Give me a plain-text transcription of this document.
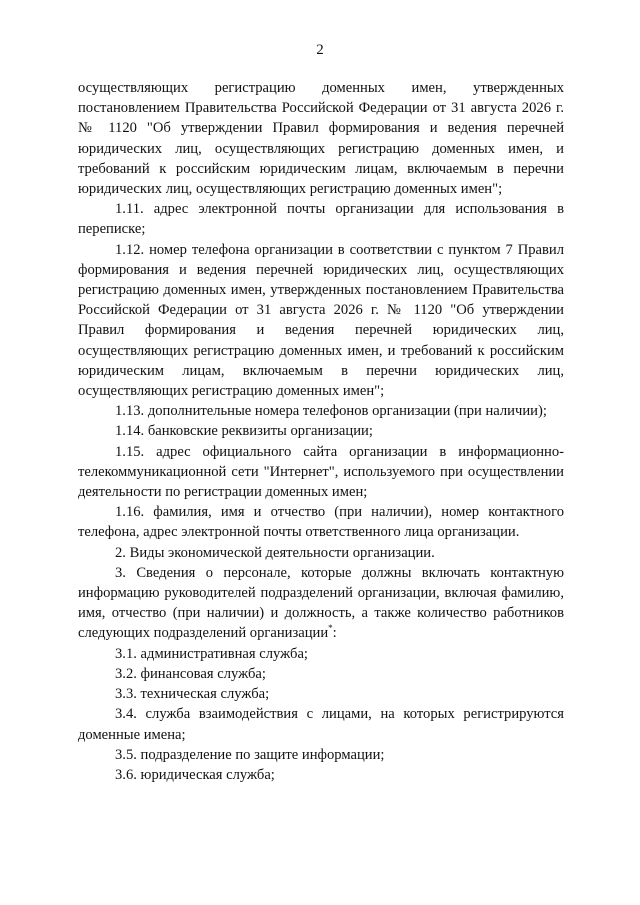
2

осуществляющих регистрацию доменных имен, утвержденных постановлением Правительства Российской Федерации от 31 августа 2026 г. № 1120 "Об утверждении Правил формирования и ведения перечней юридических лиц, осуществляющих регистрацию доменных имен, и требований к российским юридическим лицам, включаемым в перечни юридических лиц, осуществляющих регистрацию доменных имен";

1.11. адрес электронной почты организации для использования в переписке;

1.12. номер телефона организации в соответствии с пунктом 7 Правил формирования и ведения перечней юридических лиц, осуществляющих регистрацию доменных имен, утвержденных постановлением Правительства Российской Федерации от 31 августа 2026 г. № 1120 "Об утверждении Правил формирования и ведения перечней юридических лиц, осуществляющих регистрацию доменных имен, и требований к российским юридическим лицам, включаемым в перечни юридических лиц, осуществляющих регистрацию доменных имен";

1.13. дополнительные номера телефонов организации (при наличии);

1.14. банковские реквизиты организации;

1.15. адрес официального сайта организации в информационно-телекоммуникационной сети "Интернет", используемого при осуществлении деятельности по регистрации доменных имен;

1.16. фамилия, имя и отчество (при наличии), номер контактного телефона, адрес электронной почты ответственного лица организации.

2. Виды экономической деятельности организации.

3. Сведения о персонале, которые должны включать контактную информацию руководителей подразделений организации, включая фамилию, имя, отчество (при наличии) и должность, а также количество работников следующих подразделений организации*:

3.1. административная служба;

3.2. финансовая служба;

3.3. техническая служба;

3.4. служба взаимодействия с лицами, на которых регистрируются доменные имена;

3.5. подразделение по защите информации;

3.6. юридическая служба;
